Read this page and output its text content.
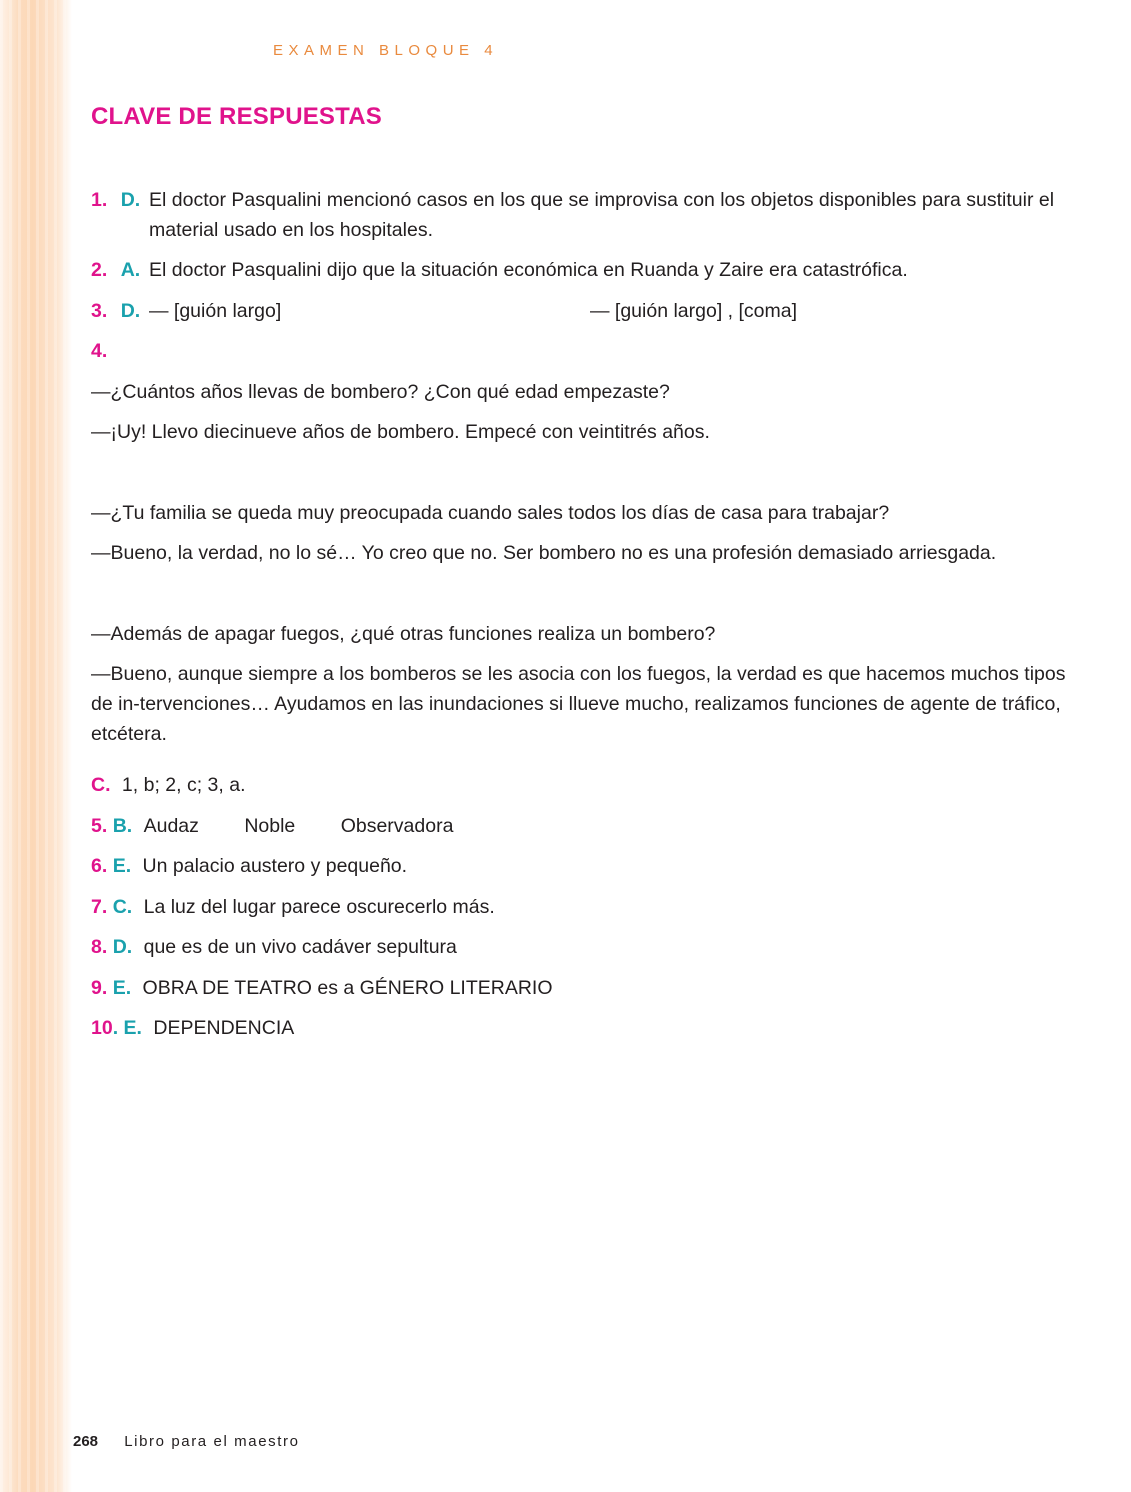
EXAMEN BLOQUE 4
CLAVE DE RESPUESTAS
1. D. El doctor Pasqualini mencionó casos en los que se improvisa con los objetos disponibles para sustituir el material usado en los hospitales.
2. A. El doctor Pasqualini dijo que la situación económica en Ruanda y Zaire era catastrófica.
3. D. — [guión largo]	— [guión largo] , [coma]
4.
—¿Cuántos años llevas de bombero? ¿Con qué edad empezaste?
—¡Uy! Llevo diecinueve años de bombero. Empecé con veintitrés años.
—¿Tu familia se queda muy preocupada cuando sales todos los días de casa para trabajar?
—Bueno, la verdad, no lo sé… Yo creo que no. Ser bombero no es una profesión demasiado arriesgada.
—Además de apagar fuegos, ¿qué otras funciones realiza un bombero?
—Bueno, aunque siempre a los bomberos se les asocia con los fuegos, la verdad es que hacemos muchos tipos de in-tervenciones… Ayudamos en las inundaciones si llueve mucho, realizamos funciones de agente de tráfico, etcétera.
C. 1, b; 2, c; 3, a.
5. B. Audaz Noble Observadora
6. E. Un palacio austero y pequeño.
7. C. La luz del lugar parece oscurecerlo más.
8. D. que es de un vivo cadáver sepultura
9. E. OBRA DE TEATRO es a GÉNERO LITERARIO
10. E. DEPENDENCIA
268 Libro para el maestro
